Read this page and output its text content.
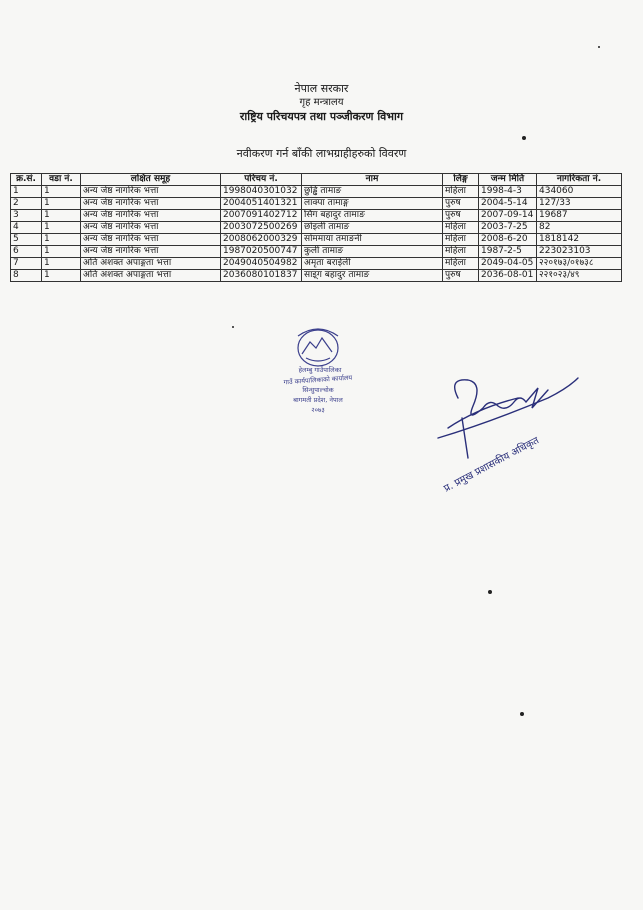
नेपाल सरकार
गृह मन्त्रालय
राष्ट्रिय परिचयपत्र तथा पञ्जीकरण विभाग
नवीकरण गर्न बाँकी लाभग्राहीहरुको विवरण
क्र.सं.	वडा नं.	लक्षित समूह	परिचय नं.	नाम	लिङ्ग	जन्म मिति	नागरिकता नं.
1	1	अन्य जेष्ठ नागरिक भत्ता	1998040301032	छुड्ढि तामाङ	महिला	1998-4-3	434060
2	1	अन्य जेष्ठ नागरिक भत्ता	2004051401321	लाक्पा तामाङ्ग	पुरुष	2004-5-14	127/33
3	1	अन्य जेष्ठ नागरिक भत्ता	2007091402712	सिंग बहादुर तामाङ	पुरुष	2007-09-14	19687
4	1	अन्य जेष्ठ नागरिक भत्ता	2003072500269	छोइली तामाङ	महिला	2003-7-25	82
5	1	अन्य जेष्ठ नागरिक भत्ता	2008062000329	सोममाया तमाङनी	महिला	2008-6-20	1818142
6	1	अन्य जेष्ठ नागरिक भत्ता	1987020500747	कुर्ली तामाङ	महिला	1987-2-5	223023103
7	1	अति अशक्त अपाङ्गता भत्ता	2049040504982	अमृता बराईली	महिला	2049-04-05	२२०१७३/०१७३८
8	1	अति अशक्त अपाङ्गता भत्ता	2036080101837	साइ्ग बहादुर तामाङ	पुरुष	2036-08-01	२२१०२३/४९
हेलम्बु गाउँपालिका
गाउँ कार्यपालिकाको कार्यालय
सिन्धुपाल्चोक
बागमती प्रदेश, नेपाल
२०७३
प्र. प्रमुख प्रशासकीय अधिकृत
